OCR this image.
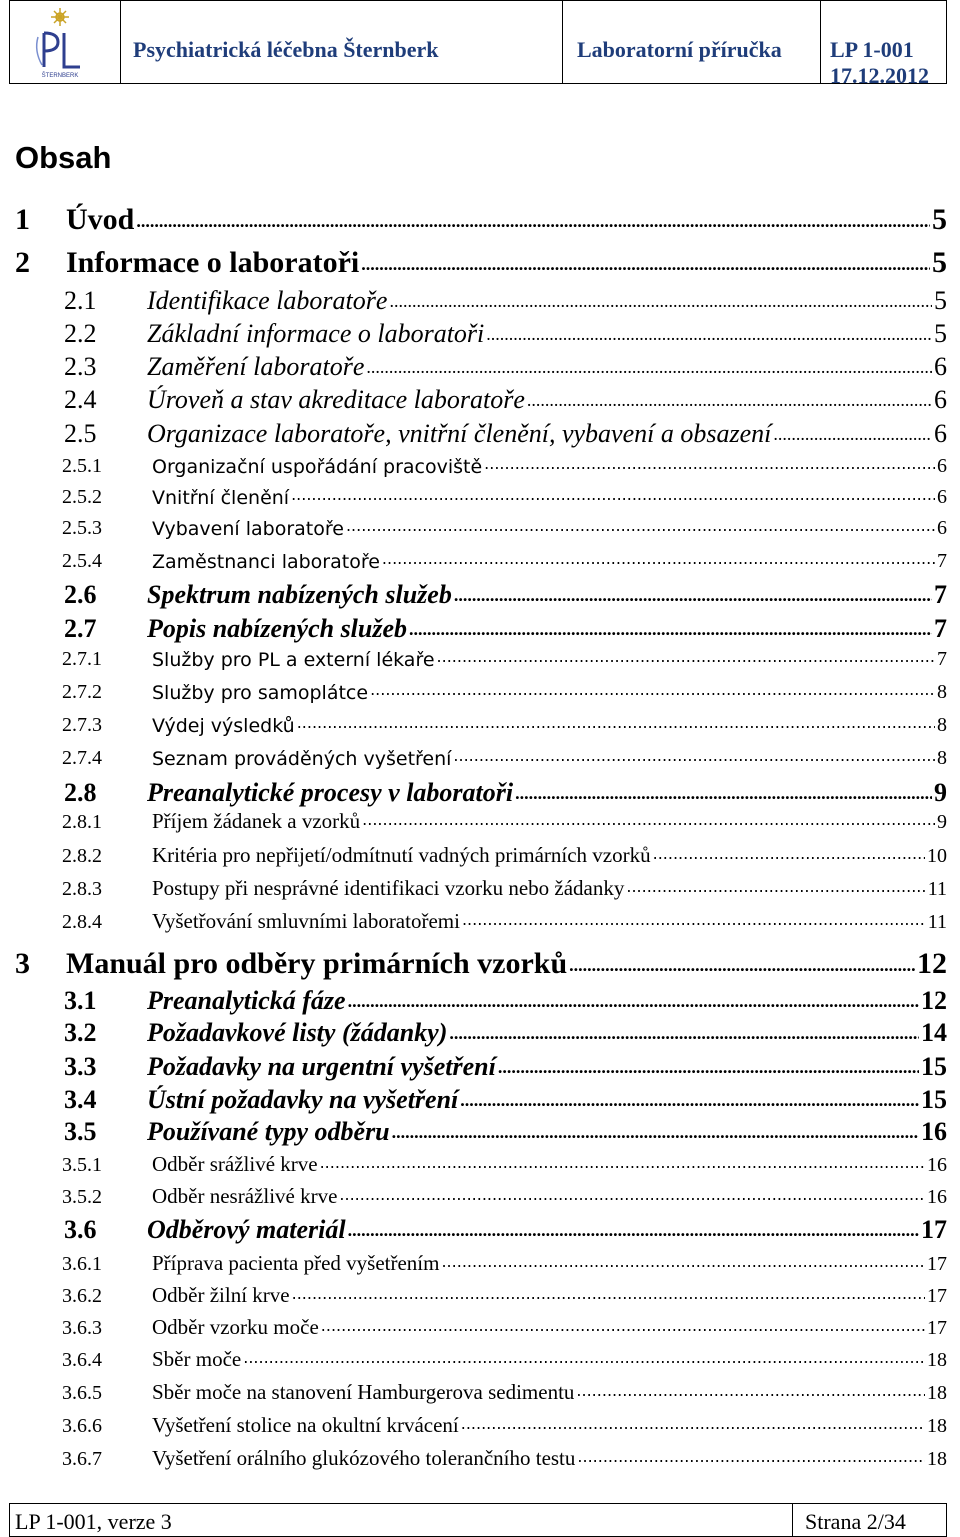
ŠTERNBERK
Psychiatrická léčebna Šternberk	Laboratorní příručka LP 1-001
17.12.2012
Obsah
1 Úvod .....	5
2 Informace o laboratoři .....	5
2.1 Identifikace laboratoře .....	5
2.2 Základní informace o laboratoři .....	5
2.3 Zaměření laboratoře .....	6
2.4 Úroveň a stav akreditace laboratoře .....	6
2.5 Organizace laboratoře, vnitřní členění, vybavení a obsazení .....	6
2.5.1	Organizační uspořádání pracoviště .....	6
2.5.2	Vnitřní členění .....	6
2.5.3	Vybavení laboratoře .....	6
2.5.4	Zaměstnanci laboratoře .....	7
2.6 Spektrum nabízených služeb .....	7
2.7 Popis nabízených služeb .....	7
2.7.1	Služby pro PL a externí lékaře .....	7
2.7.2	Služby pro samoplátce .....	8
2.7.3	Výdej výsledků .....	8
2.7.4	Seznam prováděných vyšetření .....	8
2.8 Preanalytické procesy v laboratoři .....	9
2.8.1 Příjem žádanek a vzorků .....	9
2.8.2 Kritéria pro nepřijetí/odmítnutí vadných primárních vzorků .....	10
2.8.3 Postupy při nesprávné identifikaci vzorku nebo žádanky .....	11
2.8.4 Vyšetřování smluvními laboratořemi .....	11
3 Manuál pro odběry primárních vzorků .....	12
3.1 Preanalytická fáze .....	12
3.2 Požadavkové listy (žádanky) .....	14
3.3 Požadavky na urgentní vyšetření .....	15
3.4 Ústní požadavky na vyšetření .....	15
3.5 Používané typy odběru .....	16
3.5.1 Odběr srážlivé krve .....	16
3.5.2 Odběr nesrážlivé krve .....	16
3.6 Odběrový materiál .....	17
3.6.1 Příprava pacienta před vyšetřením .....	17
3.6.2 Odběr žilní krve .....	17
3.6.3 Odběr vzorku moče .....	17
3.6.4 Sběr moče .....	18
3.6.5 Sběr moče na stanovení Hamburgerova sedimentu .....	18
3.6.6 Vyšetření stolice na okultní krvácení .....	18
3.6.7 Vyšetření orálního glukózového tolerančního testu .....	18
LP 1-001, verze 3	Strana 2/34
